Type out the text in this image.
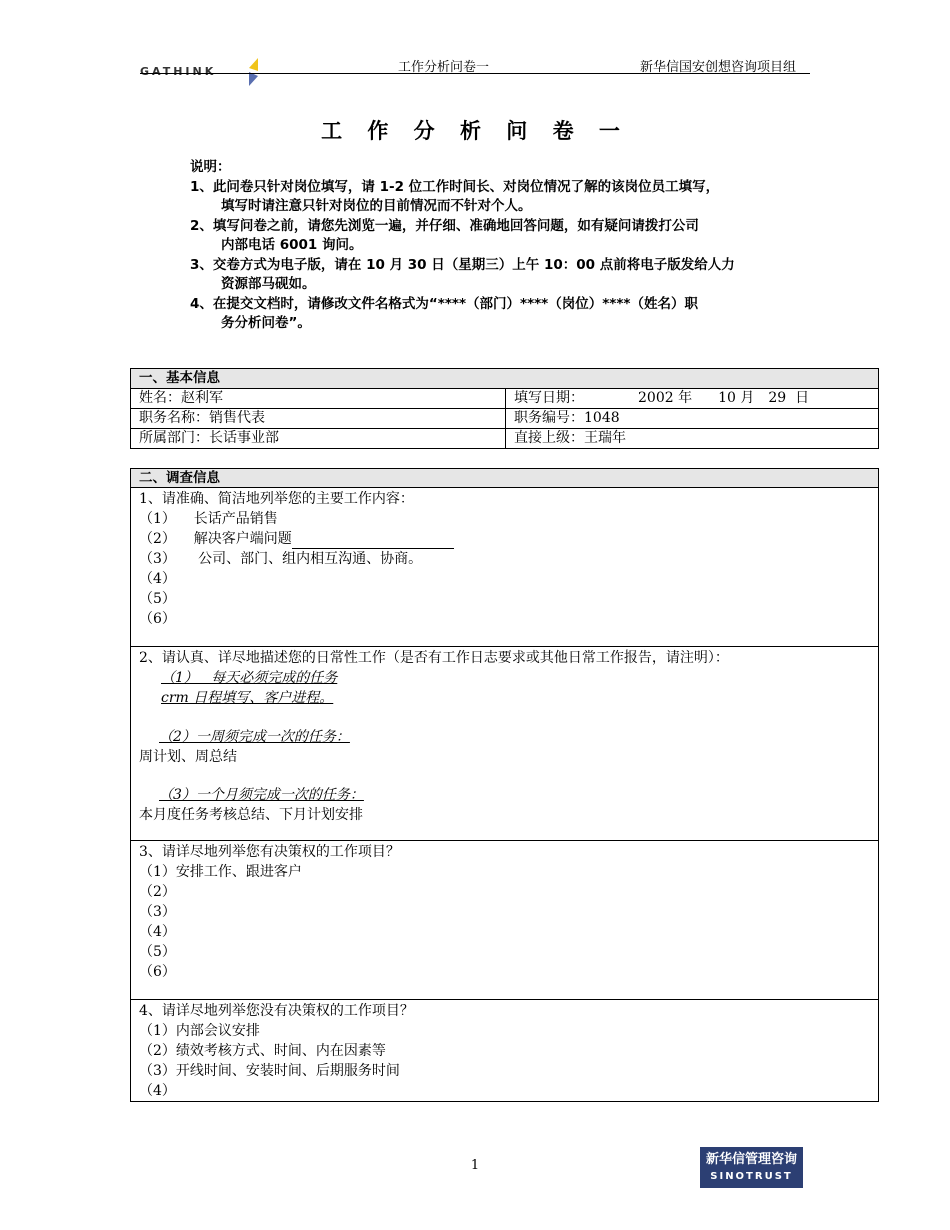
GATHINK	工作分析问卷一	新华信国安创想咨询项目组
工 作 分 析 问 卷 一
说明：
1、此问卷只针对岗位填写，请 1-2 位工作时间长、对岗位情况了解的该岗位员工填写，
填写时请注意只针对岗位的目前情况而不针对个人。
2、填写问卷之前，请您先浏览一遍，并仔细、准确地回答问题，如有疑问请拨打公司
内部电话 6001 询问。
3、交卷方式为电子版，请在 10 月 30 日（星期三）上午 10：00 点前将电子版发给人力
资源部马砚如。
4、在提交文档时，请修改文件名格式为“****（部门）****（岗位）****（姓名）职
务分析问卷”。
一、基本信息	
姓名：赵利军	填写日期： 2002 年 10 月 29  日
职务名称：销售代表	职务编号：1048
所属部门：长话事业部	直接上级：王瑞年
二、调查信息

1、请准确、简洁地列举您的主要工作内容：
（1）    长话产品销售
（2）    解决客户端问题
（3）     公司、部门、组内相互沟通、协商。
（4）
（5）
（6）

2、请认真、详尽地描述您的日常性工作（是否有工作日志要求或其他日常工作报告，请注明）：
（1）   每天必须完成的任务
crm 日程填写、客户进程。
（2）一周须完成一次的任务：
周计划、周总结
（3）一个月须完成一次的任务：
本月度任务考核总结、下月计划安排

3、请详尽地列举您有决策权的工作项目？
（1）安排工作、跟进客户
（2）
（3）
（4）
（5）
（6）

4、请详尽地列举您没有决策权的工作项目？
（1）内部会议安排
（2）绩效考核方式、时间、内在因素等
（3）开线时间、安装时间、后期服务时间
（4）
1	新华信管理咨询
SINOTRUST
